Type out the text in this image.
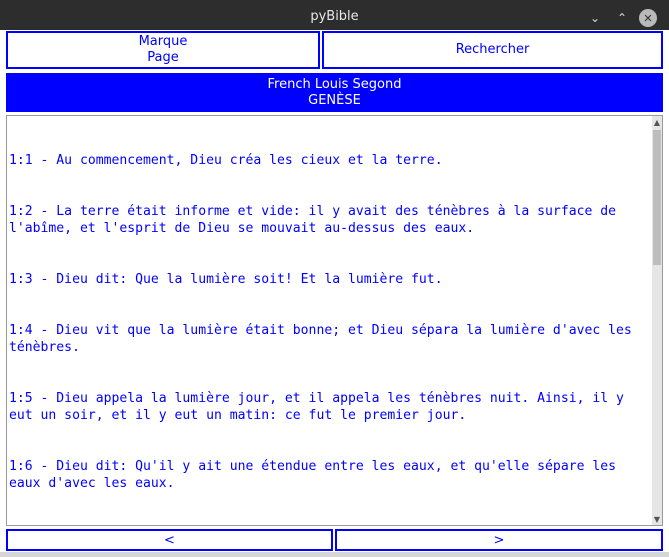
pyBible	⌄	⌃	✕
Marque
Page
Rechercher
French Louis Segond
GENÈSE

1:1 - Au commencement, Dieu créa les cieux et la terre.

1:2 - La terre était informe et vide: il y avait des ténèbres à la surface de l'abîme, et l'esprit de Dieu se mouvait au-dessus des eaux.

1:3 - Dieu dit: Que la lumière soit! Et la lumière fut.

1:4 - Dieu vit que la lumière était bonne; et Dieu sépara la lumière d'avec les ténèbres.

1:5 - Dieu appela la lumière jour, et il appela les ténèbres nuit. Ainsi, il y eut un soir, et il y eut un matin: ce fut le premier jour.

1:6 - Dieu dit: Qu'il y ait une étendue entre les eaux, et qu'elle sépare les eaux d'avec les eaux.

▲
▼
<	>
